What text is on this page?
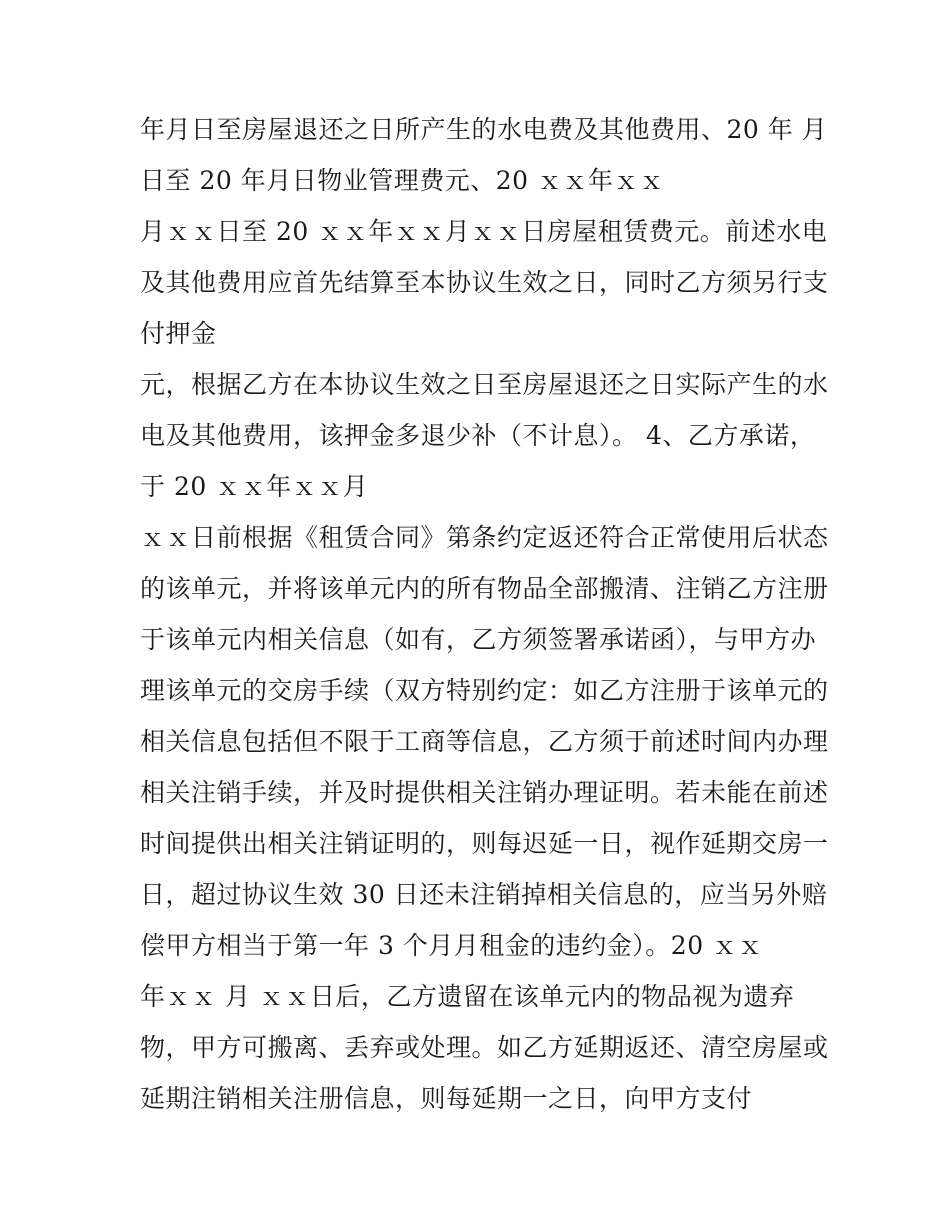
年月日至房屋退还之日所产生的水电费及其他费用、20 年 月
日至 20 年月日物业管理费元、20 ｘｘ年ｘｘ
月ｘｘ日至 20 ｘｘ年ｘｘ月ｘｘ日房屋租赁费元。前述水电
及其他费用应首先结算至本协议生效之日，同时乙方须另行支
付押金
元，根据乙方在本协议生效之日至房屋退还之日实际产生的水
电及其他费用，该押金多退少补（不计息）。 4、乙方承诺，
于 20 ｘｘ年ｘｘ月
ｘｘ日前根据《租赁合同》第条约定返还符合正常使用后状态
的该单元，并将该单元内的所有物品全部搬清、注销乙方注册
于该单元内相关信息（如有，乙方须签署承诺函），与甲方办
理该单元的交房手续（双方特别约定：如乙方注册于该单元的
相关信息包括但不限于工商等信息，乙方须于前述时间内办理
相关注销手续，并及时提供相关注销办理证明。若未能在前述
时间提供出相关注销证明的，则每迟延一日，视作延期交房一
日，超过协议生效 30 日还未注销掉相关信息的，应当另外赔
偿甲方相当于第一年 3 个月月租金的违约金）。20 ｘｘ
年ｘｘ 月 ｘｘ日后，乙方遗留在该单元内的物品视为遗弃
物，甲方可搬离、丢弃或处理。如乙方延期返还、清空房屋或
延期注销相关注册信息，则每延期一之日，向甲方支付
